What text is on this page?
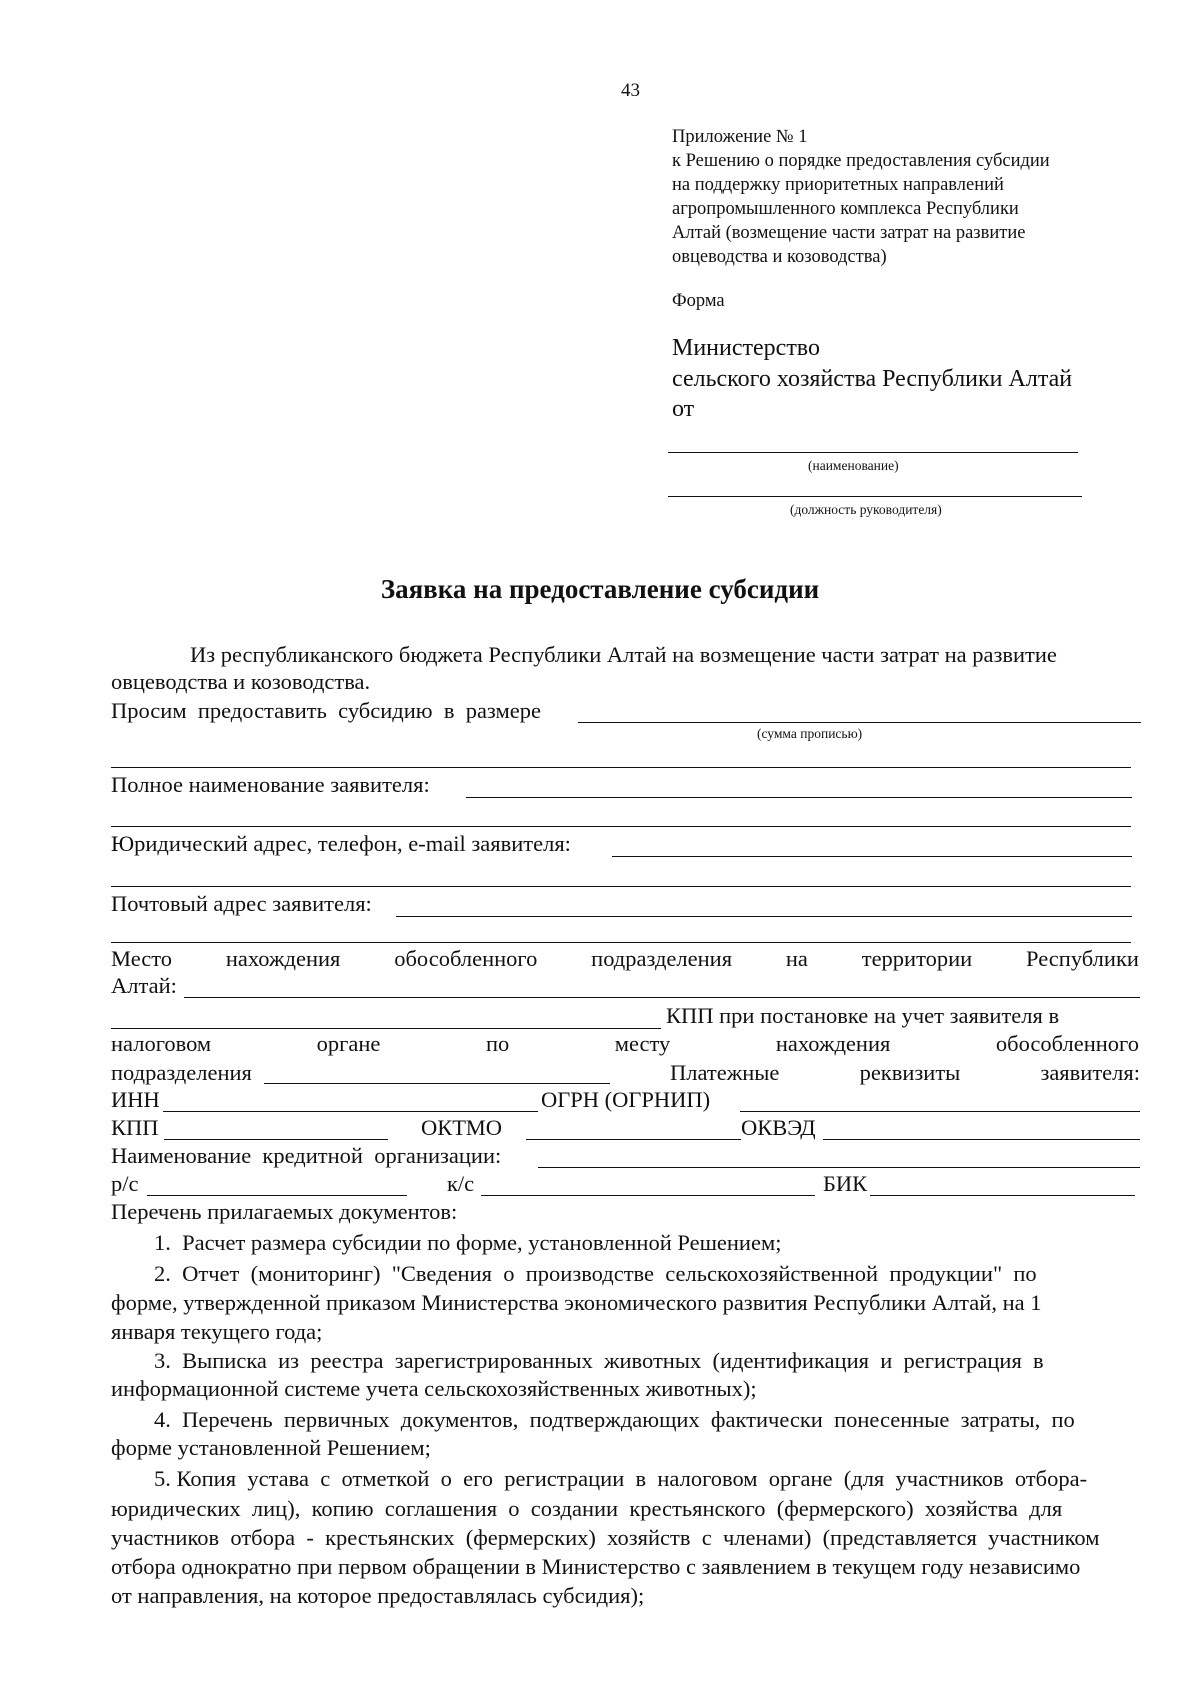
43
Приложение № 1
к Решению о порядке предоставления субсидии
на поддержку приоритетных направлений
агропромышленного комплекса Республики
Алтай (возмещение части затрат на развитие
овцеводства и козоводства)
Форма
Министерство
сельского хозяйства Республики Алтай
от
(наименование)
(должность руководителя)
Заявка на предоставление субсидии
Из республиканского бюджета Республики Алтай на возмещение части затрат на развитие
овцеводства и козоводства.
Просим  предоставить  субсидию  в  размере
(сумма прописью)
Полное наименование заявителя:
Юридический адрес, телефон, e-mail заявителя:
Почтовый адрес заявителя:
Место нахождения обособленного подразделения на территории Республики
Алтай:
КПП при постановке на учет заявителя в
налоговом	органе	по	месту	нахождения	обособленного
подразделения	Платежные	реквизиты	заявителя:
ИНН	ОГРН (ОГРНИП)
КПП	ОКТМО	ОКВЭД
Наименование  кредитной  организации:
р/с	к/с	БИК
Перечень прилагаемых документов:
1.  Расчет размера субсидии по форме, установленной Решением;
2.  Отчет  (мониторинг)  "Сведения  о  производстве  сельскохозяйственной  продукции"  по
форме, утвержденной приказом Министерства экономического развития Республики Алтай, на 1
января текущего года;
3.  Выписка  из  реестра  зарегистрированных  животных  (идентификация  и  регистрация  в
информационной системе учета сельскохозяйственных животных);
4.  Перечень  первичных  документов,  подтверждающих  фактически  понесенные  затраты,  по
форме установленной Решением;
5. Копия  устава  с  отметкой  о  его  регистрации  в  налоговом  органе  (для  участников  отбора-
юридических  лиц),  копию  соглашения  о  создании  крестьянского  (фермерского)  хозяйства  для
участников  отбора  -  крестьянских  (фермерских)  хозяйств  с  членами)  (представляется  участником
отбора однократно при первом обращении в Министерство с заявлением в текущем году независимо
от направления, на которое предоставлялась субсидия);
